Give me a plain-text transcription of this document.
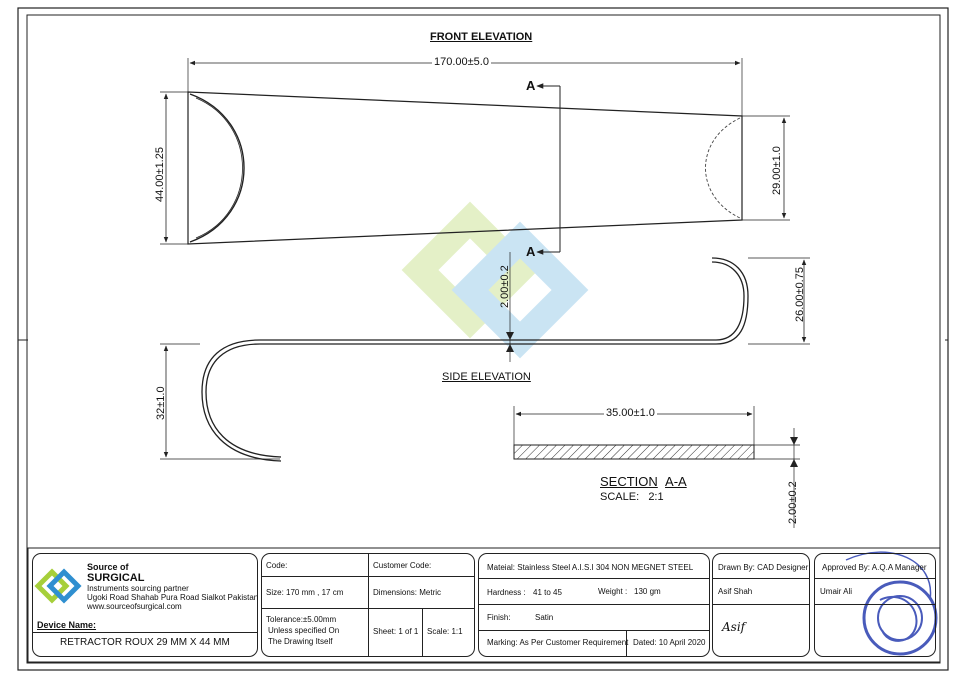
FRONT ELEVATION
170.00±5.0
44.00±1.25	29.00±1.0
A
A
2.00±0.2	26.00±0.75
32±1.0
SIDE ELEVATION
35.00±1.0
2.00±0.2
SECTION A-A
SCALE: 2:1
Source of
SURGICAL
Instruments sourcing partner
Ugoki Road Shahab Pura Road Sialkot Pakistan
www.sourceofsurgical.com
Device Name:
RETRACTOR ROUX 29 MM X 44 MM
Code:	Customer Code:
Size: 170 mm , 17 cm	Dimensions: Metric
Tolerance:±5.00mm
Unless specified On
The Drawing Itself
Sheet: 1 of 1 Scale: 1:1
Mateial: Stainless Steel A.I.S.I 304 NON MEGNET STEEL
Hardness : 41 to 45	Weight : 130 gm
Finish:	Satin
Marking: As Per Customer Requirement Dated: 10 April 2020
Drawn By: CAD Designer
Asif Shah
Asif
Approved By: A.Q.A Manager
Umair Ali
